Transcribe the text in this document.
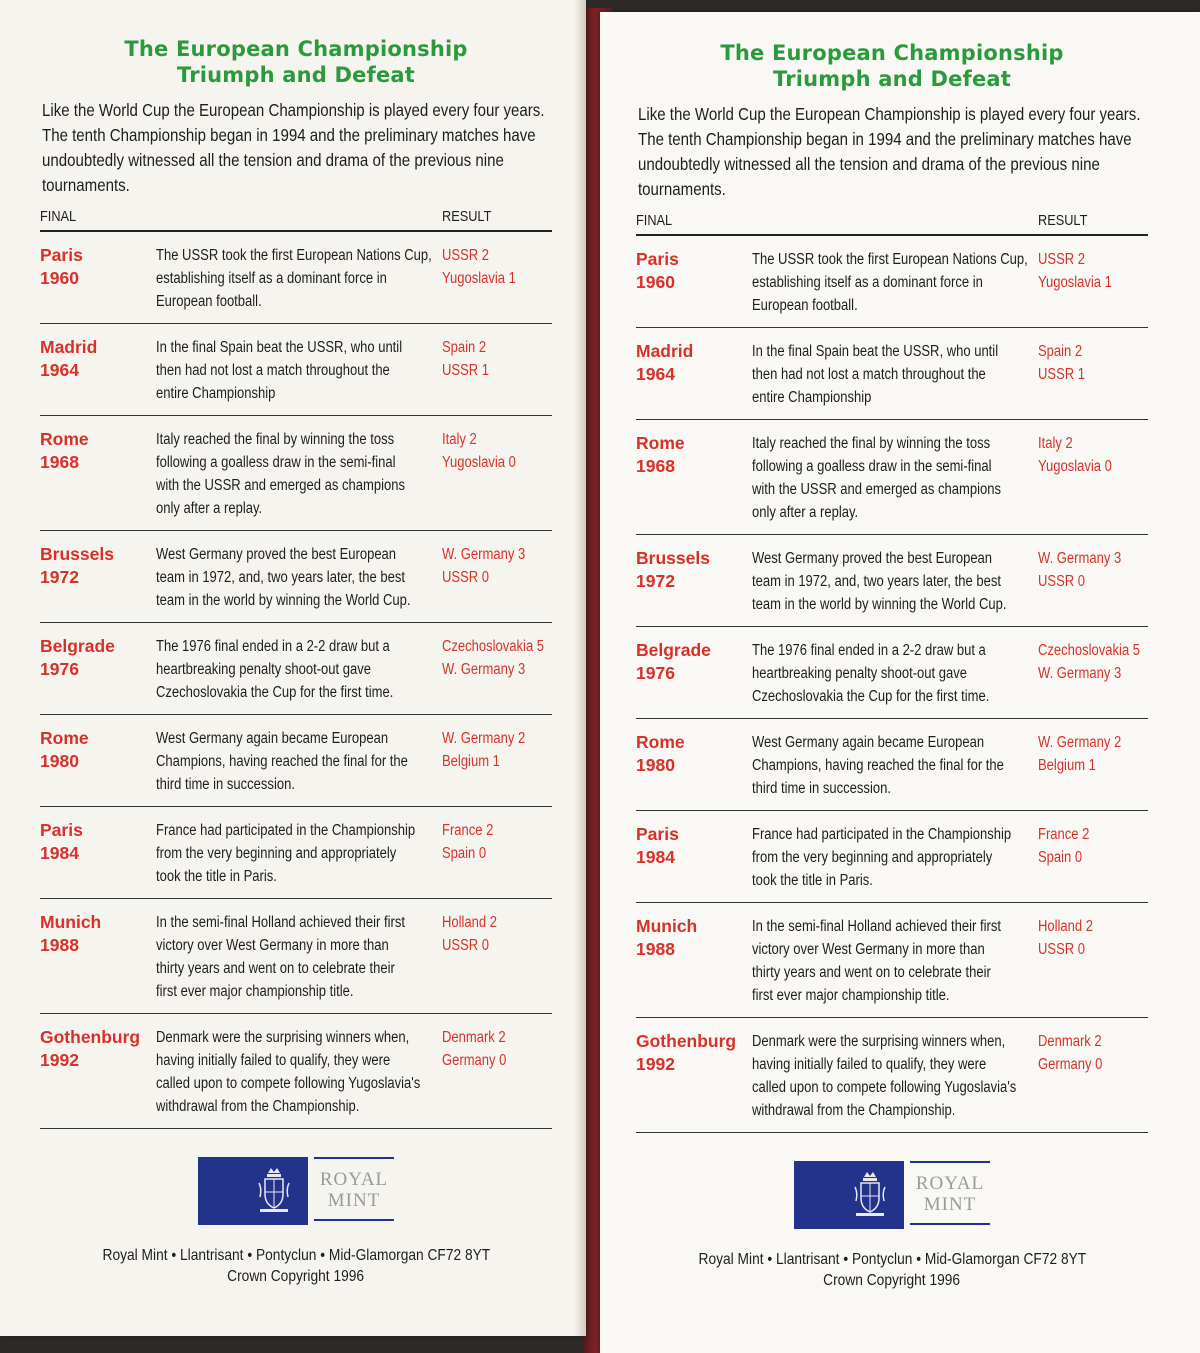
The European Championship
Triumph and Defeat

Like the World Cup the European Championship is played every four years. The tenth Championship began in 1994 and the preliminary matches have undoubtedly witnessed all the tension and drama of the previous nine tournaments.

FINAL	RESULT
Paris
1960
The USSR took the first European Nations Cup,
establishing itself as a dominant force in
European football.
USSR 2
Yugoslavia 1
Madrid
1964
In the final Spain beat the USSR, who until
then had not lost a match throughout the
entire Championship
Spain 2
USSR 1
Rome
1968
Italy reached the final by winning the toss
following a goalless draw in the semi-final
with the USSR and emerged as champions
only after a replay.
Italy 2
Yugoslavia 0
Brussels
1972
West Germany proved the best European
team in 1972, and, two years later, the best
team in the world by winning the World Cup.
W. Germany 3
USSR 0
Belgrade
1976
The 1976 final ended in a 2-2 draw but a
heartbreaking penalty shoot-out gave
Czechoslovakia the Cup for the first time.
Czechoslovakia 5
W. Germany 3
Rome
1980
West Germany again became European
Champions, having reached the final for the
third time in succession.
W. Germany 2
Belgium 1
Paris
1984
France had participated in the Championship
from the very beginning and appropriately
took the title in Paris.
France 2
Spain 0
Munich
1988
In the semi-final Holland achieved their first
victory over West Germany in more than
thirty years and went on to celebrate their
first ever major championship title.
Holland 2
USSR 0
Gothenburg
1992
Denmark were the surprising winners when,
having initially failed to qualify, they were
called upon to compete following Yugoslavia's
withdrawal from the Championship.
Denmark 2
Germany 0
ROYAL
MINT
Royal Mint • Llantrisant • Pontyclun • Mid-Glamorgan CF72 8YT
Crown Copyright 1996
The European Championship
Triumph and Defeat

Like the World Cup the European Championship is played every four years. The tenth Championship began in 1994 and the preliminary matches have undoubtedly witnessed all the tension and drama of the previous nine tournaments.

FINAL	RESULT
Paris
1960
The USSR took the first European Nations Cup,
establishing itself as a dominant force in
European football.
USSR 2
Yugoslavia 1
Madrid
1964
In the final Spain beat the USSR, who until
then had not lost a match throughout the
entire Championship
Spain 2
USSR 1
Rome
1968
Italy reached the final by winning the toss
following a goalless draw in the semi-final
with the USSR and emerged as champions
only after a replay.
Italy 2
Yugoslavia 0
Brussels
1972
West Germany proved the best European
team in 1972, and, two years later, the best
team in the world by winning the World Cup.
W. Germany 3
USSR 0
Belgrade
1976
The 1976 final ended in a 2-2 draw but a
heartbreaking penalty shoot-out gave
Czechoslovakia the Cup for the first time.
Czechoslovakia 5
W. Germany 3
Rome
1980
West Germany again became European
Champions, having reached the final for the
third time in succession.
W. Germany 2
Belgium 1
Paris
1984
France had participated in the Championship
from the very beginning and appropriately
took the title in Paris.
France 2
Spain 0
Munich
1988
In the semi-final Holland achieved their first
victory over West Germany in more than
thirty years and went on to celebrate their
first ever major championship title.
Holland 2
USSR 0
Gothenburg
1992
Denmark were the surprising winners when,
having initially failed to qualify, they were
called upon to compete following Yugoslavia's
withdrawal from the Championship.
Denmark 2
Germany 0
ROYAL
MINT
Royal Mint • Llantrisant • Pontyclun • Mid-Glamorgan CF72 8YT
Crown Copyright 1996
